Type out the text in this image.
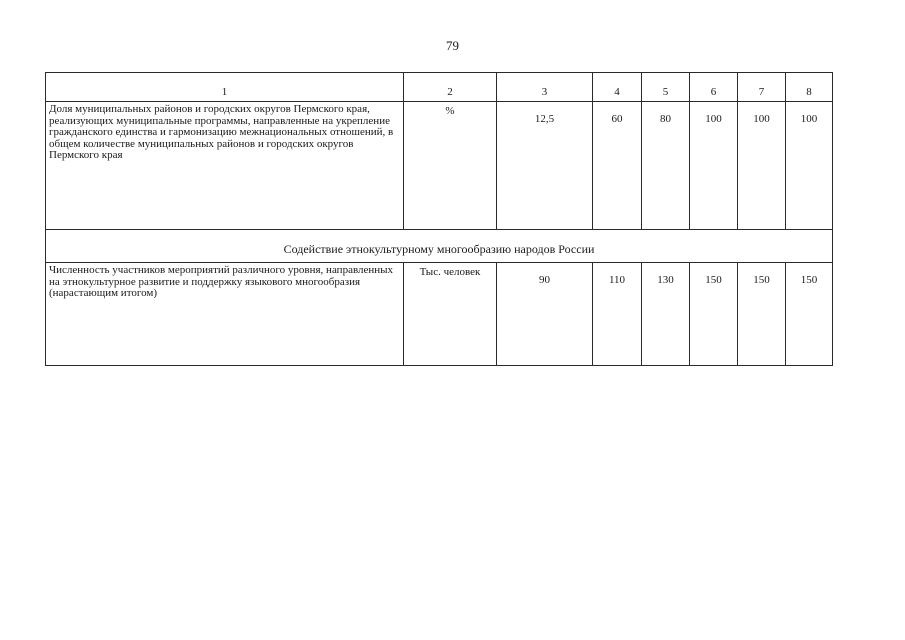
79
1	2	3	4	5	6	7	8
Доля муниципальных районов и городских округов Пермского края, реализующих муниципальные программы, направленные на укрепление гражданского единства и гармонизацию межнациональных отношений, в общем количестве муниципальных районов и городских округов Пермского края	%	12,5	60	80	100	100	100
Содействие этнокультурному многообразию народов России							
Численность участников мероприятий различного уровня, направленных на этнокультурное развитие и поддержку языкового многообразия (нарастающим итогом)	Тыс. человек	90	110	130	150	150	150
